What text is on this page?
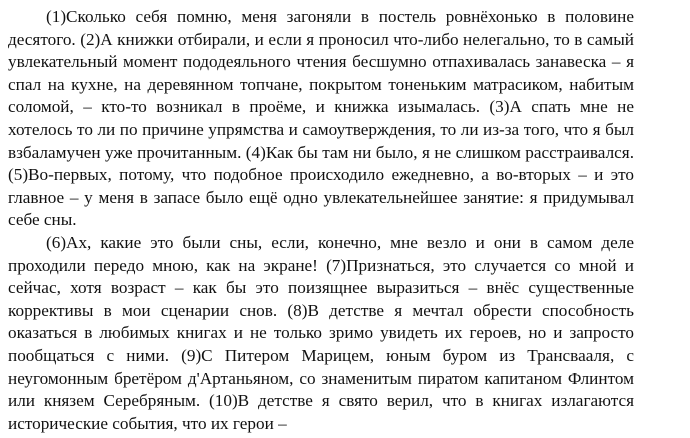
(1)Сколько себя помню, меня загоняли в постель ровнёхонько в половине десятого. (2)А книжки отбирали, и если я проносил что-либо нелегально, то в самый увлекательный момент пододеяльного чтения бесшумно отпахивалась занавеска – я спал на кухне, на деревянном топчане, покрытом тоненьким матрасиком, набитым соломой, – кто-то возникал в проёме, и книжка изымалась. (3)А спать мне не хотелось то ли по причине упрямства и самоутверждения, то ли из-за того, что я был взбаламучен уже прочитанным. (4)Как бы там ни было, я не слишком расстраивался. (5)Во-первых, потому, что подобное происходило ежедневно, а во-вторых – и это главное – у меня в запасе было ещё одно увлекательнейшее занятие: я придумывал себе сны.

(6)Ах, какие это были сны, если, конечно, мне везло и они в самом деле проходили передо мною, как на экране! (7)Признаться, это случается со мной и сейчас, хотя возраст – как бы это поизящнее выразиться – внёс существенные коррективы в мои сценарии снов. (8)В детстве я мечтал обрести способность оказаться в любимых книгах и не только зримо увидеть их героев, но и запросто пообщаться с ними. (9)С Питером Марицем, юным буром из Трансвааля, с неугомонным бретёром д'Артаньяном, со знаменитым пиратом капитаном Флинтом или князем Серебряным. (10)В детстве я свято верил, что в книгах излагаются исторические события, что их герои –
